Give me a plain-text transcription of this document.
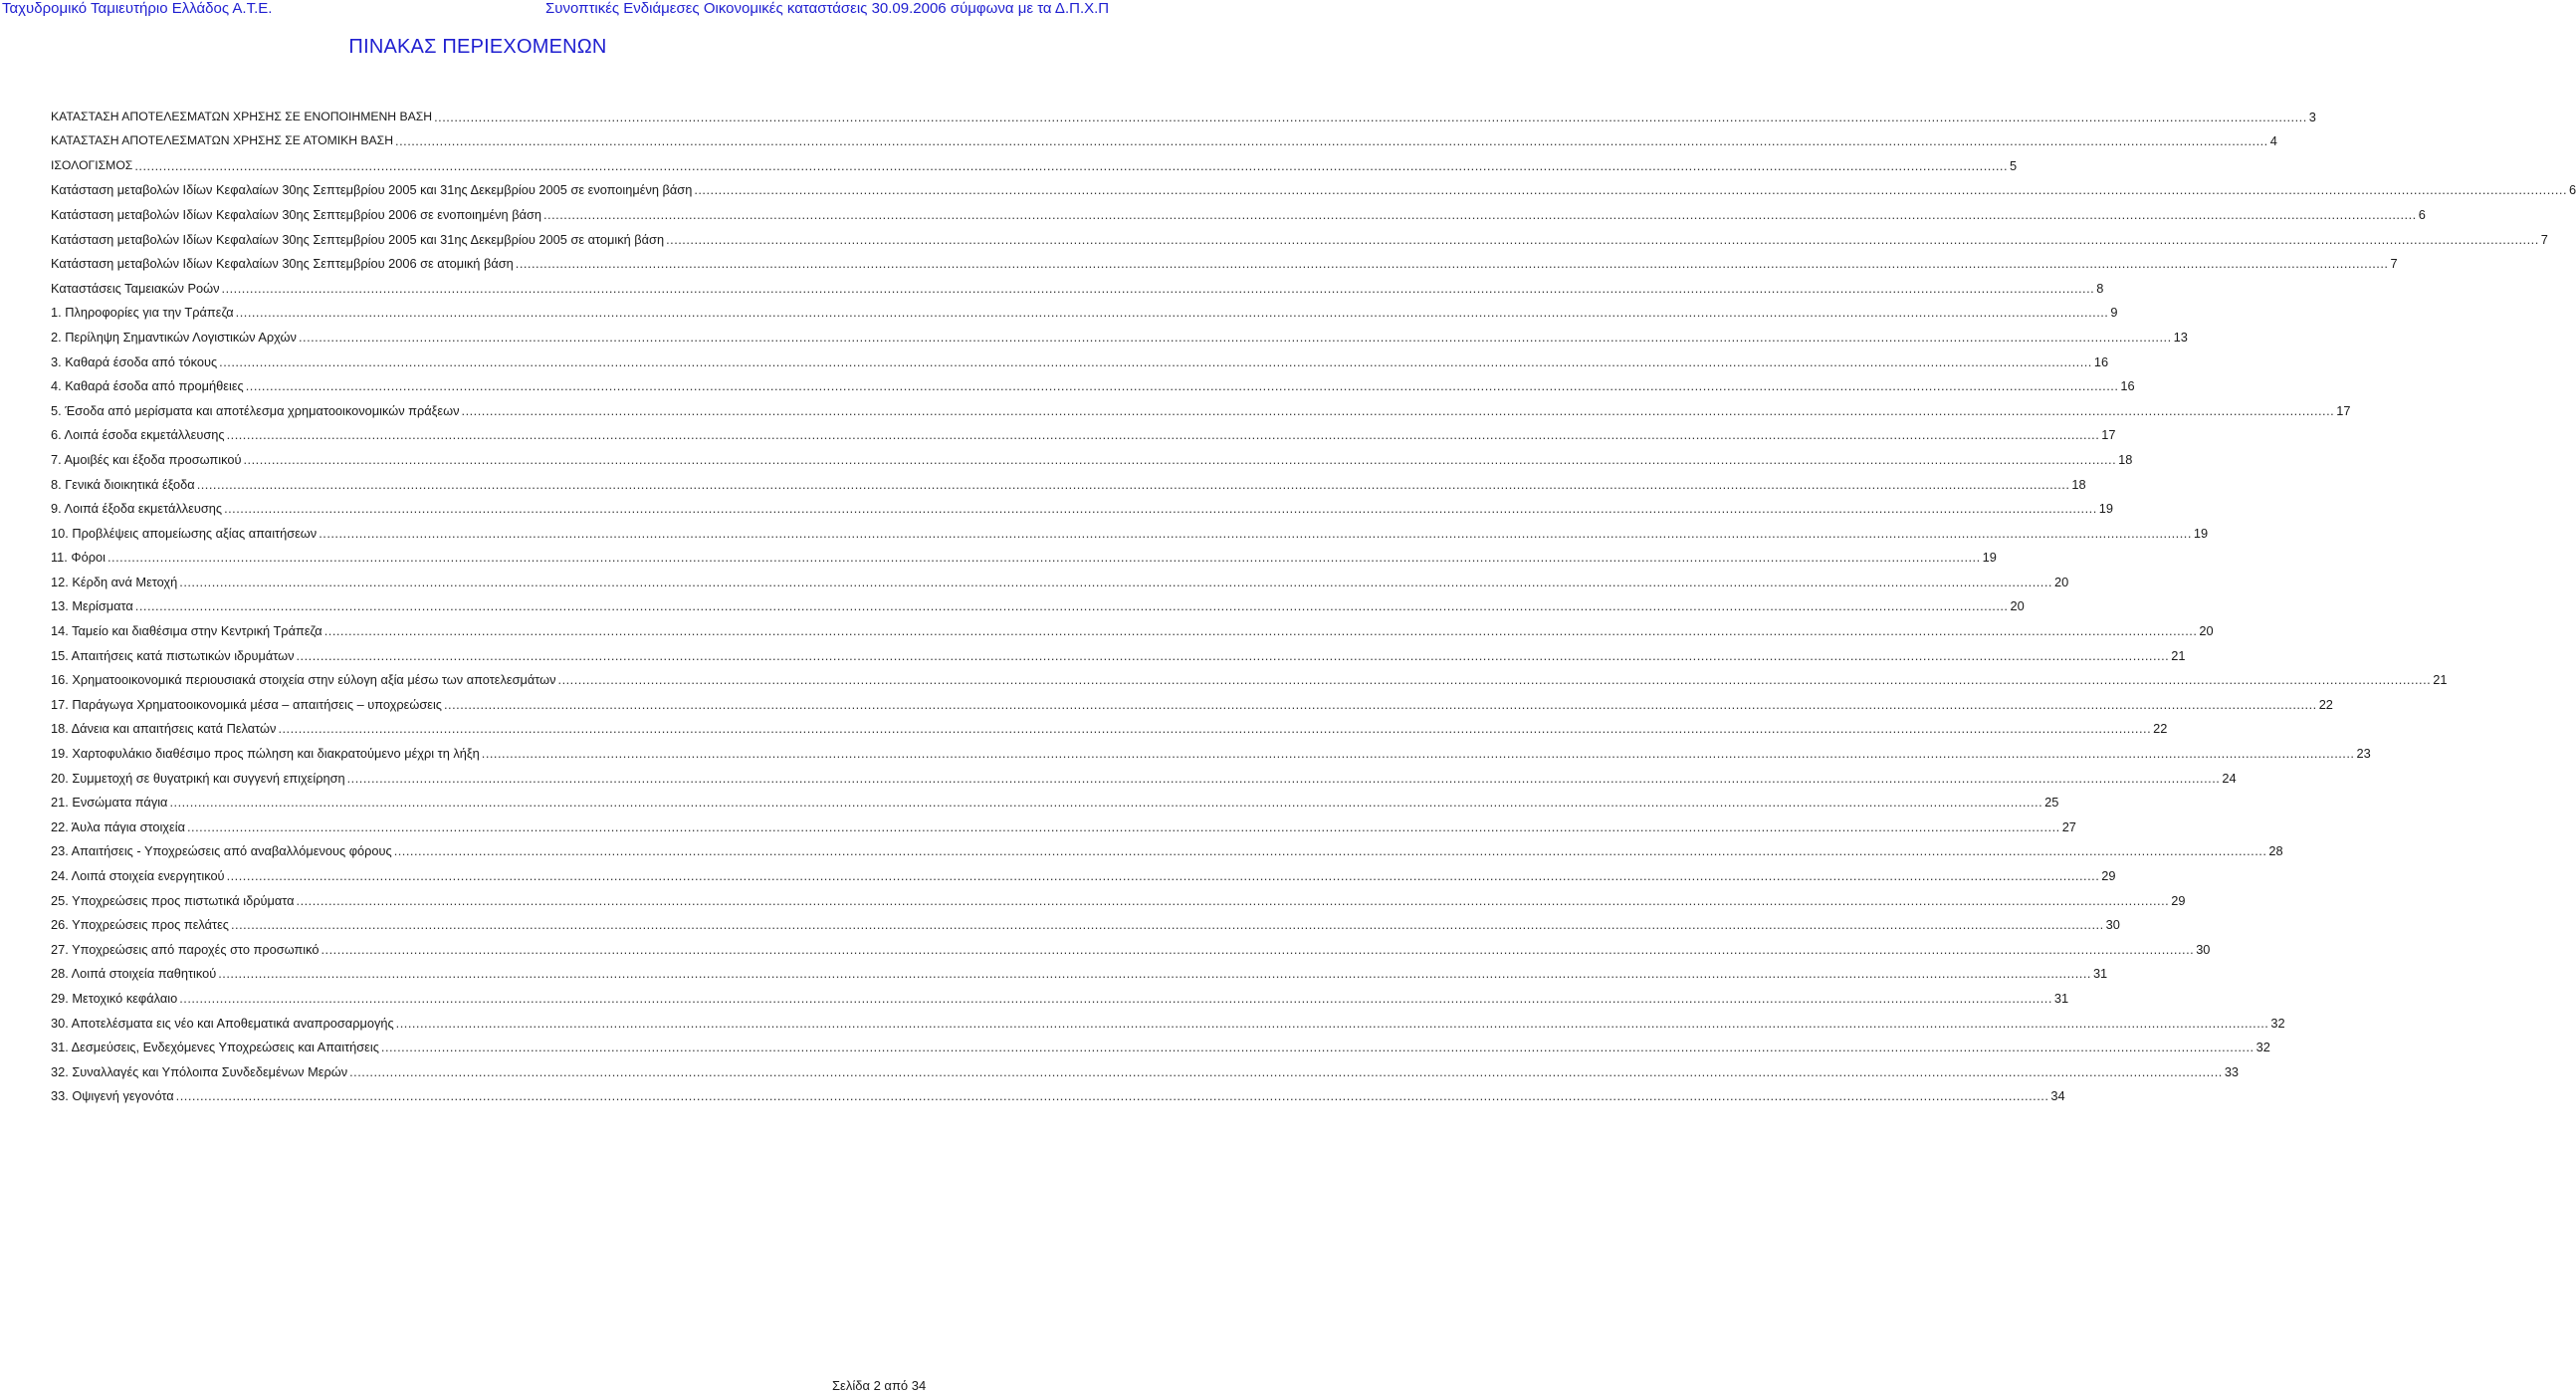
Ταχυδρομικό Ταμιευτήριο Ελλάδος Α.Τ.Ε.	Συνοπτικές Ενδιάμεσες Οικονομικές καταστάσεις 30.09.2006 σύμφωνα με τα Δ.Π.Χ.Π
ΠΙΝΑΚΑΣ ΠΕΡΙΕΧΟΜΕΝΩΝ
ΚΑΤΑΣΤΑΣΗ ΑΠΟΤΕΛΕΣΜΑΤΩΝ ΧΡΗΣΗΣ ΣΕ ΕΝΟΠΟΙΗΜΕΝΗ ΒΑΣΗ .....	3
ΚΑΤΑΣΤΑΣΗ ΑΠΟΤΕΛΕΣΜΑΤΩΝ ΧΡΗΣΗΣ ΣΕ ΑΤΟΜΙΚΗ ΒΑΣΗ .....	4
ΙΣΟΛΟΓΙΣΜΟΣ .....	5
Κατάσταση μεταβολών Ιδίων Κεφαλαίων 30ης Σεπτεμβρίου 2005 και 31ης Δεκεμβρίου 2005 σε ενοποιημένη βάση .....	6
Κατάσταση μεταβολών Ιδίων Κεφαλαίων 30ης Σεπτεμβρίου 2006 σε ενοποιημένη βάση .....	6
Κατάσταση μεταβολών Ιδίων Κεφαλαίων 30ης Σεπτεμβρίου 2005 και 31ης Δεκεμβρίου 2005 σε ατομική βάση .....	7
Κατάσταση μεταβολών Ιδίων Κεφαλαίων 30ης Σεπτεμβρίου 2006 σε ατομική βάση .....	7
Καταστάσεις Ταμειακών Ροών .....	8
1. Πληροφορίες για την Τράπεζα .....	9
2. Περίληψη Σημαντικών Λογιστικών Αρχών .....	13
3. Καθαρά έσοδα από τόκους .....	16
4. Καθαρά έσοδα από προμήθειες .....	16
5. Έσοδα από μερίσματα και αποτέλεσμα χρηματοοικονομικών πράξεων .....	17
6. Λοιπά έσοδα εκμετάλλευσης .....	17
7. Αμοιβές και έξοδα προσωπικού .....	18
8. Γενικά διοικητικά έξοδα .....	18
9. Λοιπά έξοδα εκμετάλλευσης .....	19
10. Προβλέψεις απομείωσης αξίας απαιτήσεων .....	19
11. Φόροι .....	19
12. Κέρδη ανά Μετοχή .....	20
13. Μερίσματα .....	20
14. Ταμείο και διαθέσιμα στην Κεντρική Τράπεζα .....	20
15. Απαιτήσεις κατά πιστωτικών ιδρυμάτων .....	21
16. Χρηματοοικονομικά περιουσιακά στοιχεία στην εύλογη αξία μέσω των αποτελεσμάτων .....	21
17. Παράγωγα Χρηματοοικονομικά μέσα – απαιτήσεις – υποχρεώσεις .....	22
18. Δάνεια και απαιτήσεις κατά Πελατών .....	22
19. Χαρτοφυλάκιο διαθέσιμο προς πώληση και διακρατούμενο μέχρι τη λήξη .....	23
20. Συμμετοχή σε θυγατρική και συγγενή επιχείρηση .....	24
21. Ενσώματα πάγια .....	25
22. Άυλα πάγια στοιχεία .....	27
23. Απαιτήσεις - Υποχρεώσεις από αναβαλλόμενους φόρους .....	28
24. Λοιπά στοιχεία ενεργητικού .....	29
25. Υποχρεώσεις προς πιστωτικά ιδρύματα .....	29
26. Υποχρεώσεις προς πελάτες .....	30
27. Υποχρεώσεις από παροχές στο προσωπικό .....	30
28. Λοιπά στοιχεία παθητικού .....	31
29. Μετοχικό κεφάλαιο .....	31
30. Αποτελέσματα εις νέο και Αποθεματικά αναπροσαρμογής .....	32
31. Δεσμεύσεις, Ενδεχόμενες Υποχρεώσεις και Απαιτήσεις .....	32
32. Συναλλαγές και Υπόλοιπα Συνδεδεμένων Μερών .....	33
33. Οψιγενή γεγονότα .....	34
Σελίδα 2 από 34
